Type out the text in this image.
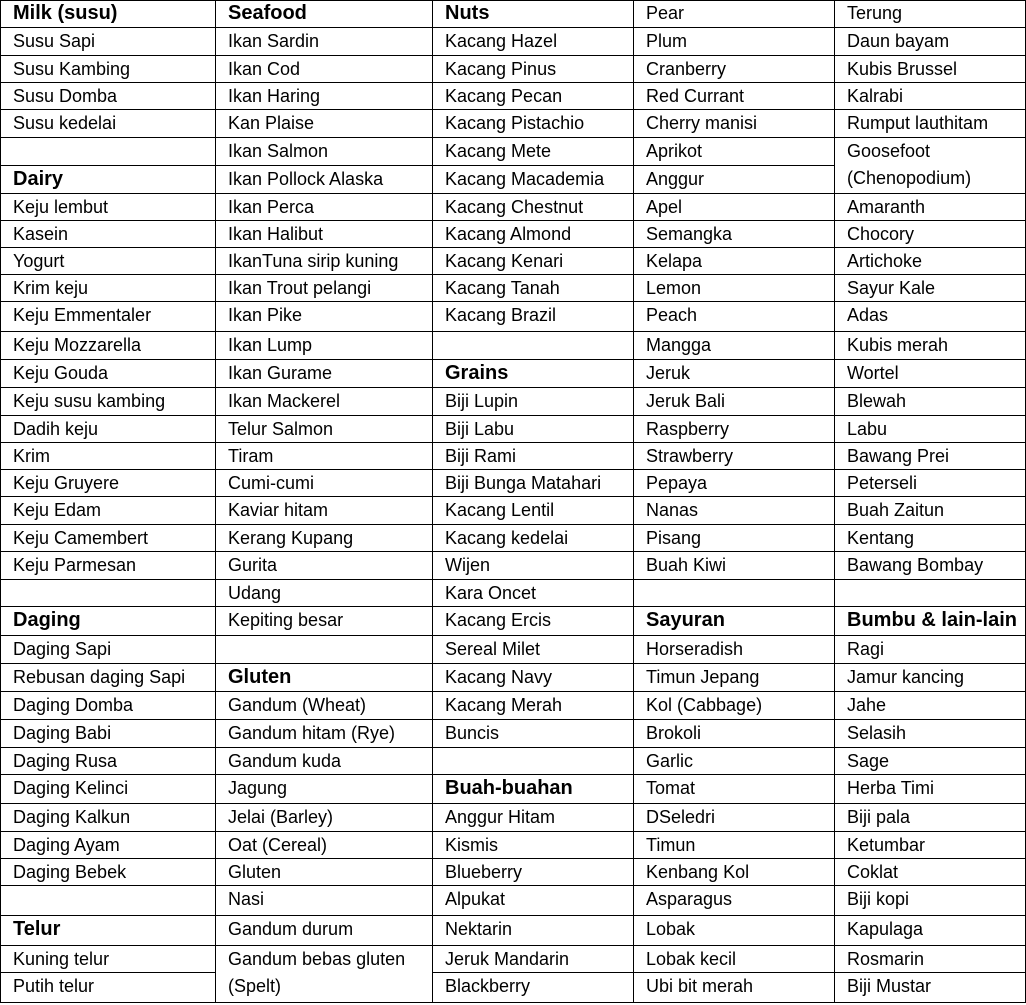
Milk (susu)
Susu Sapi
Susu Kambing
Susu Domba
Susu kedelai
Dairy
Keju lembut
Kasein
Yogurt
Krim keju
Keju Emmentaler
Keju Mozzarella
Keju Gouda
Keju susu kambing
Dadih keju
Krim
Keju Gruyere
Keju Edam
Keju Camembert
Keju Parmesan
Daging
Daging Sapi
Rebusan daging Sapi
Daging Domba
Daging Babi
Daging Rusa
Daging Kelinci
Daging Kalkun
Daging Ayam
Daging Bebek
Telur
Kuning telur
Putih telur
Seafood
Ikan Sardin
Ikan Cod
Ikan Haring
Kan Plaise
Ikan Salmon
Ikan Pollock Alaska
Ikan Perca
Ikan Halibut
IkanTuna sirip kuning
Ikan Trout pelangi
Ikan Pike
Ikan Lump
Ikan Gurame
Ikan Mackerel
Telur Salmon
Tiram
Cumi-cumi
Kaviar hitam
Kerang Kupang
Gurita
Udang
Kepiting besar
Gluten
Gandum (Wheat)
Gandum hitam (Rye)
Gandum kuda
Jagung
Jelai (Barley)
Oat (Cereal)
Gluten
Nasi
Gandum durum
Gandum bebas gluten (Spelt)
Nuts
Kacang Hazel
Kacang Pinus
Kacang Pecan
Kacang Pistachio
Kacang Mete
Kacang Macademia
Kacang Chestnut
Kacang Almond
Kacang Kenari
Kacang Tanah
Kacang Brazil
Grains
Biji Lupin
Biji Labu
Biji Rami
Biji Bunga Matahari
Kacang Lentil
Kacang kedelai
Wijen
Kara Oncet
Kacang Ercis
Sereal Milet
Kacang Navy
Kacang Merah
Buncis
Buah-buahan
Anggur Hitam
Kismis
Blueberry
Alpukat
Nektarin
Jeruk Mandarin
Blackberry
Pear
Plum
Cranberry
Red Currant
Cherry manisi
Aprikot
Anggur
Apel
Semangka
Kelapa
Lemon
Peach
Mangga
Jeruk
Jeruk Bali
Raspberry
Strawberry
Pepaya
Nanas
Pisang
Buah Kiwi
Sayuran
Horseradish
Timun Jepang
Kol (Cabbage)
Brokoli
Garlic
Tomat
DSeledri
Timun
Kenbang Kol
Asparagus
Lobak
Lobak kecil
Ubi bit merah
Terung
Daun bayam
Kubis Brussel
Kalrabi
Rumput lauthitam
Goosefoot (Chenopodium)
Amaranth
Chocory
Artichoke
Sayur Kale
Adas
Kubis merah
Wortel
Blewah
Labu
Bawang Prei
Peterseli
Buah Zaitun
Kentang
Bawang Bombay
Bumbu & lain-lain
Ragi
Jamur kancing
Jahe
Selasih
Sage
Herba Timi
Biji pala
Ketumbar
Coklat
Biji kopi
Kapulaga
Rosmarin
Biji Mustar
